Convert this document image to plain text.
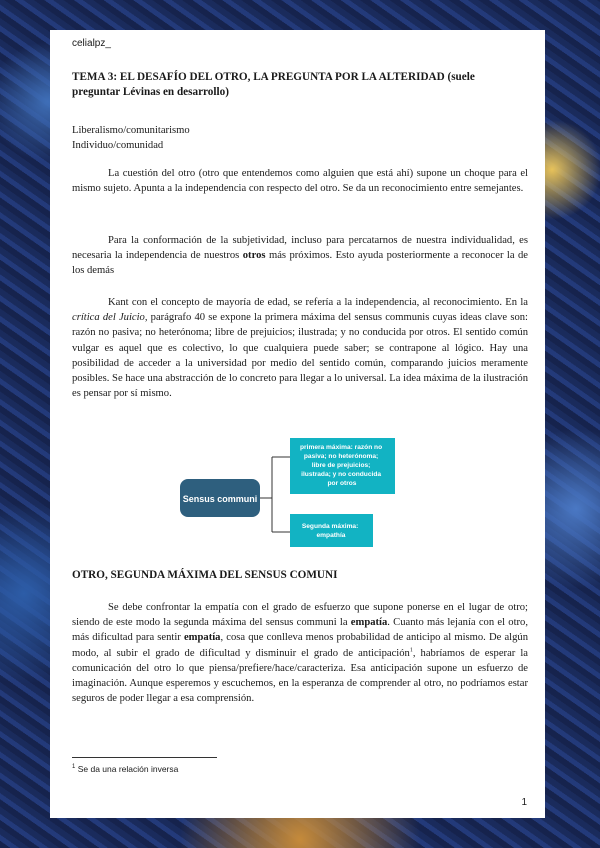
celialpz_
TEMA 3: EL DESAFÍO DEL OTRO, LA PREGUNTA POR LA ALTERIDAD (suele preguntar Lévinas en desarrollo)
Liberalismo/comunitarismo
Individuo/comunidad

La cuestión del otro (otro que entendemos como alguien que está ahí) supone un choque para el mismo sujeto. Apunta a la independencia con respecto del otro. Se da un reconocimiento entre semejantes.

Para la conformación de la subjetividad, incluso para percatarnos de nuestra individualidad, es necesaria la independencia de nuestros otros más próximos. Esto ayuda posteriormente a reconocer la de los demás

Kant con el concepto de mayoría de edad, se refería a la independencia, al reconocimiento. En la crítica del Juicio, parágrafo 40 se expone la primera máxima del sensus communis cuyas ideas clave son: razón no pasiva; no heterónoma; libre de prejuicios; ilustrada; y no conducida por otros. El sentido común vulgar es aquel que es colectivo, lo que cualquiera puede saber; se contrapone al lógico. Hay una posibilidad de acceder a la universidad por medio del sentido común, comparando juicios meramente posibles. Se hace una abstracción de lo concreto para llegar a lo universal. La idea máxima de la ilustración es pensar por sí mismo.

Sensus communi
primera máxima: razón no pasiva; no heterónoma; libre de prejuicios; ilustrada; y no conducida por otros
Segunda máxima: empathía
OTRO, SEGUNDA MÁXIMA DEL SENSUS COMUNI

Se debe confrontar la empatía con el grado de esfuerzo que supone ponerse en el lugar de otro; siendo de este modo la segunda máxima del sensus communi la empatía. Cuanto más lejanía con el otro, más dificultad para sentir empatía, cosa que conlleva menos probabilidad de anticipo al mismo. De algún modo, al subir el grado de dificultad y disminuir el grado de anticipación$^1$, habríamos de esperar la comunicación del otro lo que piensa/prefiere/hace/caracteriza. Esa anticipación supone un esfuerzo de imaginación. Aunque esperemos y escuchemos, en la esperanza de comprender al otro, no podríamos estar seguros de poder llegar a esa comprensión.

$^1$ Se da una relación inversa
1
